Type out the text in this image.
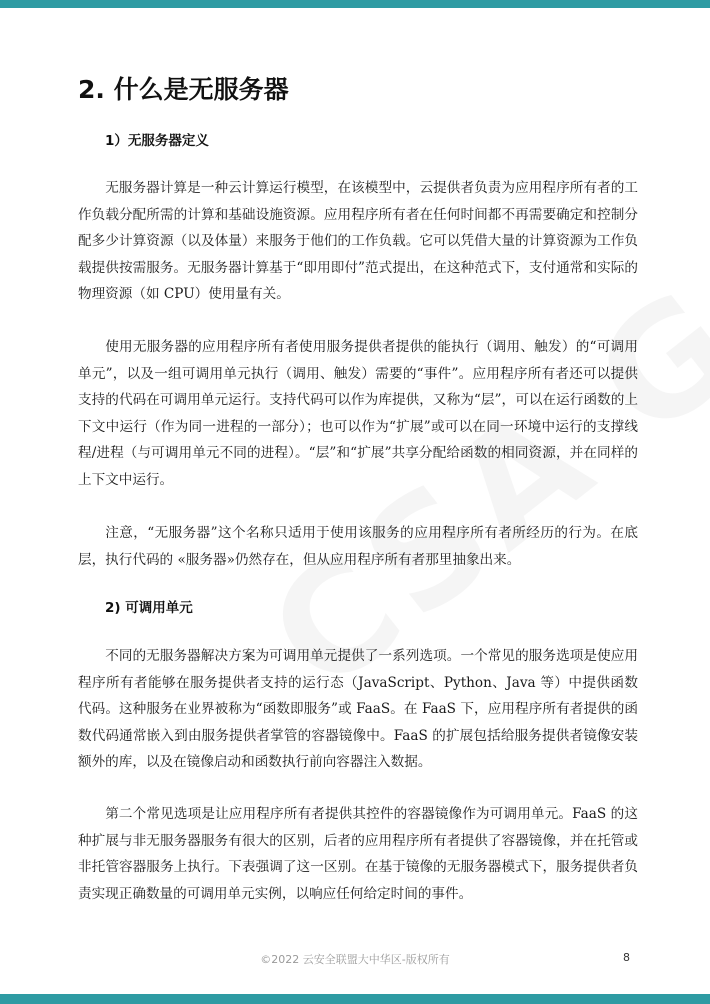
2. 什么是无服务器
1）无服务器定义

无服务器计算是一种云计算运行模型，在该模型中，云提供者负责为应用程序所有者的工作负载分配所需的计算和基础设施资源。应用程序所有者在任何时间都不再需要确定和控制分配多少计算资源（以及体量）来服务于他们的工作负载。它可以凭借大量的计算资源为工作负载提供按需服务。无服务器计算基于“即用即付”范式提出，在这种范式下，支付通常和实际的物理资源（如 CPU）使用量有关。

使用无服务器的应用程序所有者使用服务提供者提供的能执行（调用、触发）的“可调用单元”，以及一组可调用单元执行（调用、触发）需要的“事件”。应用程序所有者还可以提供支持的代码在可调用单元运行。支持代码可以作为库提供，又称为“层”，可以在运行函数的上下文中运行（作为同一进程的一部分）；也可以作为“扩展”或可以在同一环境中运行的支撑线程/进程（与可调用单元不同的进程）。“层”和“扩展”共享分配给函数的相同资源，并在同样的上下文中运行。

注意，“无服务器”这个名称只适用于使用该服务的应用程序所有者所经历的行为。在底层，执行代码的 «服务器»仍然存在，但从应用程序所有者那里抽象出来。

2) 可调用单元

不同的无服务器解决方案为可调用单元提供了一系列选项。一个常见的服务选项是使应用程序所有者能够在服务提供者支持的运行态（JavaScript、Python、Java 等）中提供函数代码。这种服务在业界被称为“函数即服务”或 FaaS。在 FaaS 下，应用程序所有者提供的函数代码通常嵌入到由服务提供者掌管的容器镜像中。FaaS 的扩展包括给服务提供者镜像安装额外的库，以及在镜像启动和函数执行前向容器注入数据。

第二个常见选项是让应用程序所有者提供其控件的容器镜像作为可调用单元。FaaS 的这种扩展与非无服务器服务有很大的区别，后者的应用程序所有者提供了容器镜像，并在托管或非托管容器服务上执行。下表强调了这一区别。在基于镜像的无服务器模式下，服务提供者负责实现正确数量的可调用单元实例，以响应任何给定时间的事件。

©2022 云安全联盟大中华区-版权所有	8
